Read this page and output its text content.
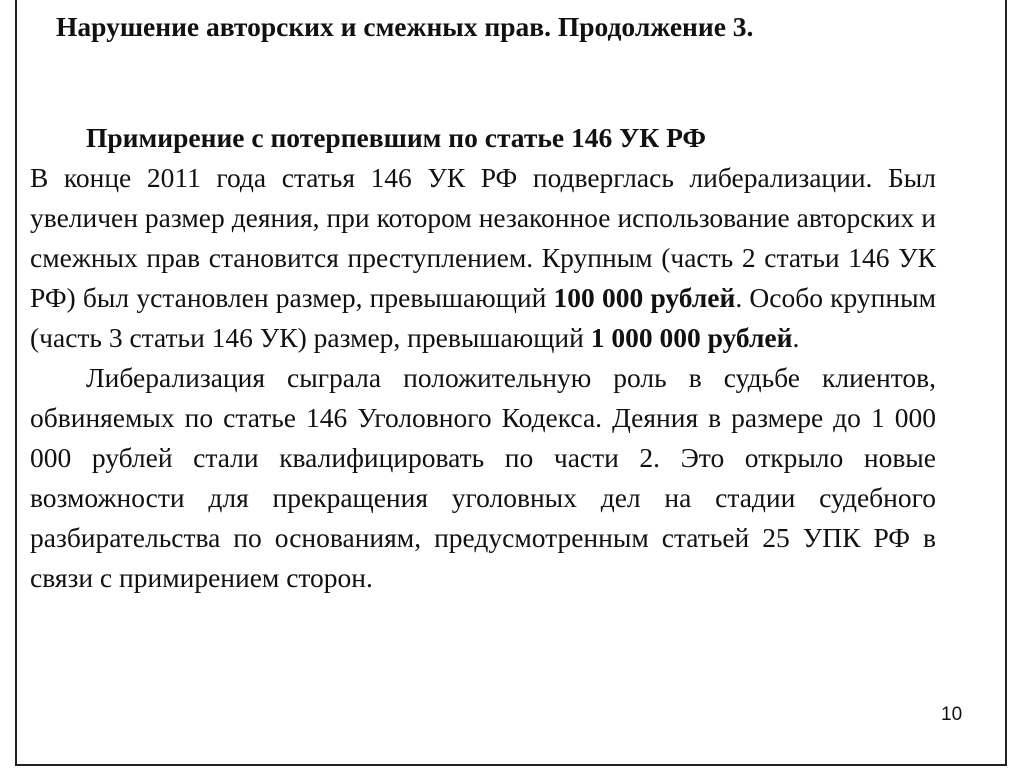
Нарушение авторских и смежных прав. Продолжение 3.

Примирение с потерпевшим по статье 146 УК РФ

В конце 2011 года статья 146 УК РФ подверглась либерализации. Был увеличен размер деяния, при котором незаконное использование авторских и смежных прав становится преступлением. Крупным (часть 2 статьи 146 УК РФ) был установлен размер, превышающий 100 000 рублей. Особо крупным (часть 3 статьи 146 УК) размер, превышающий 1 000 000 рублей.

Либерализация сыграла положительную роль в судьбе клиентов, обвиняемых по статье 146 Уголовного Кодекса. Деяния в размере до 1 000 000 рублей стали квалифицировать по части 2. Это открыло новые возможности для прекращения уголовных дел на стадии судебного разбирательства по основаниям, предусмотренным статьей 25 УПК РФ в связи с примирением сторон.

10
